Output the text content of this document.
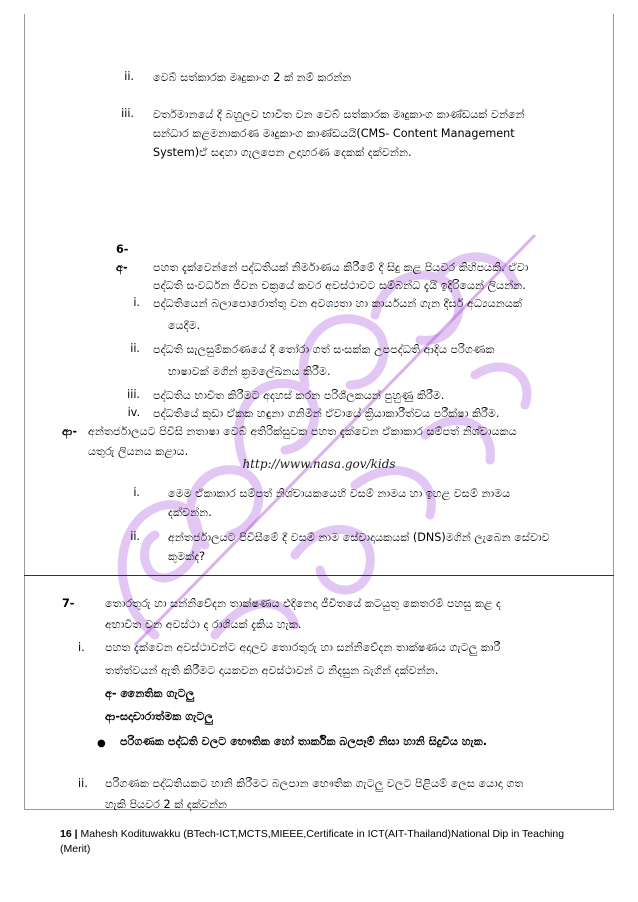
ii. වෙබ් සත්කාරක මෘදුකාංග 2 ක් නම් කරන්න
iii. වර්තමානයේ දී බහුලව භාවිත වන වෙබ් සත්කාරක මෘදුකාංග කාණ්ඩයක් වන්නේ
සන්ධාර කළමනාකරණ මෘදුකාංග කාණ්ඩයයි(CMS- Content Management
System)ඒ සඳහා ගැලපෙන උදාහරණ දෙකක් දක්වන්න.
6-
අ- පහත දැක්වෙන්නේ පද්ධතියක් නිර්මාණය කිරීමේ දී සිදු කළ පියවර කිහිපයකි. ඒවා
පද්ධති සංවර්ධන ජීවන චක්‍රයේ කවර අවස්ථාවට සම්බන්ධ දැයි ඉදිරියෙන් ලියන්න.
i. පද්ධතියෙන් බලාපොරොත්තු වන අවශ්‍යතා හා කාර්යයන් ගැන දීර්ඝ අධ්‍යයනයක්
යෙදීම.
ii. පද්ධති සැලසුම්කරණයේ දී තෝරා ගත් සංසක්ක උපපද්ධති ආදිය පරිගණක
භාෂාවක් මගින් ක්‍රමලේඛනය කිරීම.
iii. පද්ධතිය භාවිත කිරීමට අදහස් කරන පරිශීලකයන් පුහුණු කිරීම.
iv. පද්ධතියේ කුඩා ඒකක හඳුනා ගනිමින් ඒවායේ ක්‍රියාකාරීත්වය පරීක්ෂා කිරීම.
ආ- අන්තර්ජාලයට පිවිසි නතාෂා වෙබ් අතිරික්සුවක පහත දැක්වෙන ඒකාකාර සම්පත් නිශ්චායකය
යතුරු ලියනය කළාය.
http://www.nasa.gov/kids
i.	මෙම ඒකාකාර සම්පත් නිශ්චායකයෙහි වසම් නාමය හා ඉහළ වසම් නාමය
දක්වන්න.
ii.	අන්තර්ජාලයට පිවිසීමේ දී වසම් නාම සේවාදායකයක් (DNS)මගින් ලැබෙන සේවාව
කුමක්ද?
7-	තොරතුරු හා සන්නිවේදන තාක්ෂණය එදිනෙදා ජීවිතයේ කටයුතු කෙතරම් පහසු කළ ද
අභාවිත වන අවස්ථා ද රාශියක් දැකිය හැක.
i. පහත දැක්වෙන අවස්ථාවන්ට අදාලව තොරතුරු හා සන්නිවේදන තාක්ෂණය ගැටලු කාරී
තත්ත්වයන් ඇති කිරීමට දායකවන අවස්ථාවන් ට නිදසුන බැගින් දක්වන්න.
අ- නෛතික ගැටලු
ආ-සදාචාරාත්මක ගැටලු
● පරිගණක පද්ධති වලට භෞතික හෝ තාර්කික බලපෑම් නිසා හානි සිදුවිය හැක.
ii. පරිගණක පද්ධතියකට හානි කිරීමට බලපාන භෞතික ගැටලු වලට පිළියම් ලෙස යොදා ගත
හැකි පියවර 2 ක් දක්වන්න
16 | Mahesh Kodituwakku (BTech-ICT,MCTS,MIEEE,Certificate in ICT(AIT-Thailand)National Dip in Teaching
(Merit)
